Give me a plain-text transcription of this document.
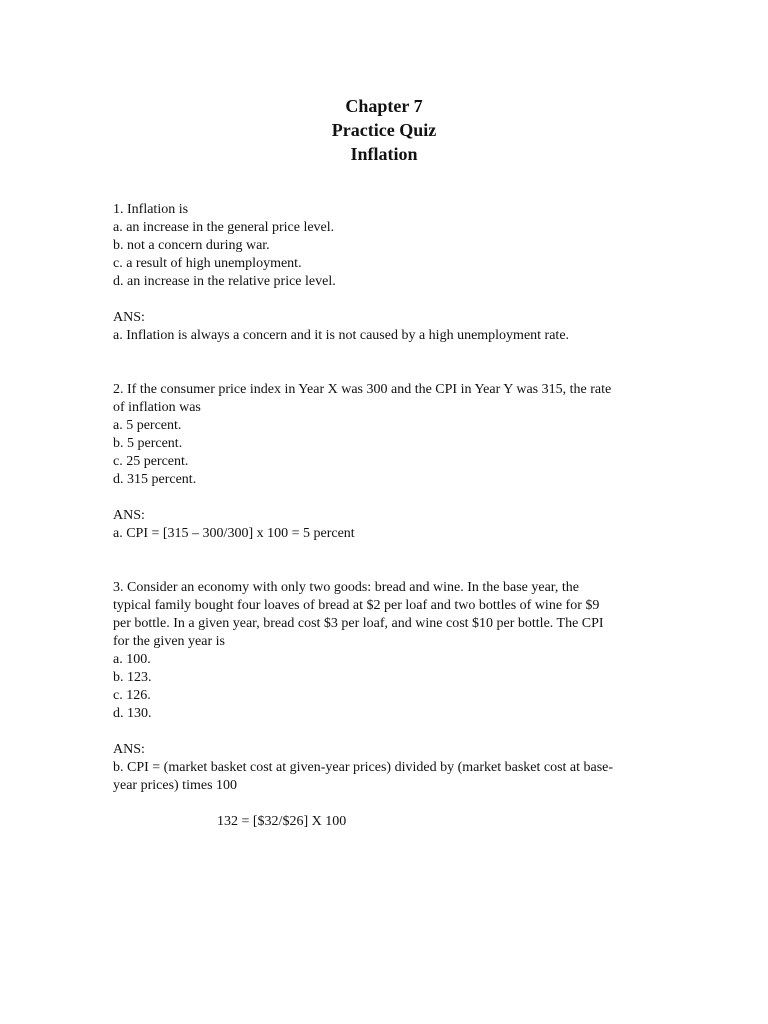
Chapter 7
Practice Quiz
Inflation
1. Inflation is
a. an increase in the general price level.
b. not a concern during war.
c. a result of high unemployment.
d. an increase in the relative price level.
ANS:
a. Inflation is always a concern and it is not caused by a high unemployment rate.
2. If the consumer price index in Year X was 300 and the CPI in Year Y was 315, the rate
of inflation was
a. 5 percent.
b. 5 percent.
c. 25 percent.
d. 315 percent.
ANS:
a. CPI = [315 – 300/300] x 100 = 5 percent
3. Consider an economy with only two goods: bread and wine. In the base year, the
typical family bought four loaves of bread at $2 per loaf and two bottles of wine for $9
per bottle. In a given year, bread cost $3 per loaf, and wine cost $10 per bottle. The CPI
for the given year is
a. 100.
b. 123.
c. 126.
d. 130.
ANS:
b. CPI = (market basket cost at given-year prices) divided by (market basket cost at base-
year prices) times 100
132 = [$32/$26] X 100
